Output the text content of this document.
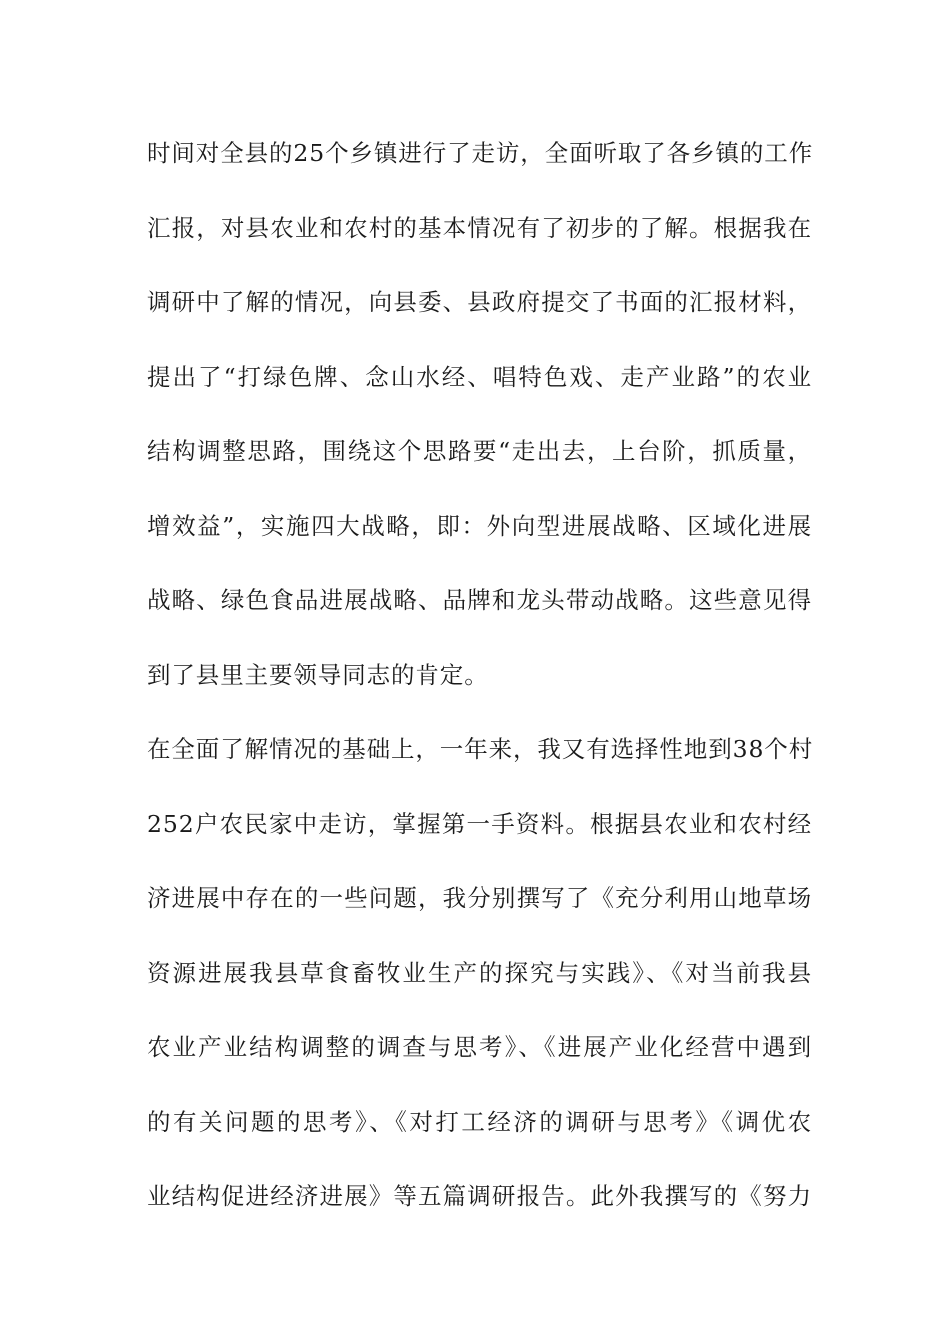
时间对全县的25个乡镇进行了走访，全面听取了各乡镇的工作
汇报，对县农业和农村的基本情况有了初步的了解。根据我在
调研中了解的情况，向县委、县政府提交了书面的汇报材料，
提出了“打绿色牌、念山水经、唱特色戏、走产业路”的农业
结构调整思路，围绕这个思路要“走出去，上台阶，抓质量，
增效益”，实施四大战略，即：外向型进展战略、区域化进展
战略、绿色食品进展战略、品牌和龙头带动战略。这些意见得
到了县里主要领导同志的肯定。
在全面了解情况的基础上，一年来，我又有选择性地到38个村
252户农民家中走访，掌握第一手资料。根据县农业和农村经
济进展中存在的一些问题，我分别撰写了《充分利用山地草场
资源进展我县草食畜牧业生产的探究与实践》、《对当前我县
农业产业结构调整的调查与思考》、《进展产业化经营中遇到
的有关问题的思考》、《对打工经济的调研与思考》《调优农
业结构促进经济进展》等五篇调研报告。此外我撰写的《努力
